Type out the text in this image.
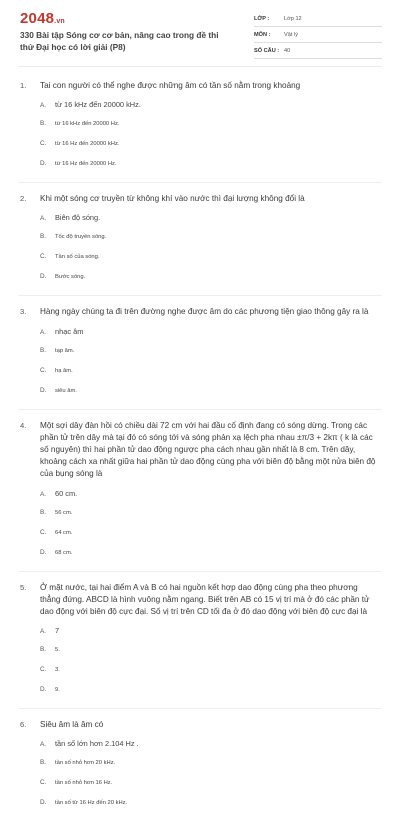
2048.vn
330 Bài tập Sóng cơ cơ bản, nâng cao trong đề thi thử Đại học có lời giải (P8)
LỚP :	Lớp 12
MÔN :	Vật lý
SỐ CÂU : 40
1.	Tai con người có thể nghe được những âm có tần số nằm trong khoảng
A.	từ 16 kHz đến 20000 kHz.
B.	từ 16 kHz đến 20000 Hz.
C.	từ 16 Hz đến 20000 kHz.
D.	từ 16 Hz đến 20000 Hz.
2.	Khi một sóng cơ truyền từ không khí vào nước thì đại lượng không đổi là
A.	Biên độ sóng.
B.	Tốc độ truyền sóng.
C.	Tần số của sóng.
D.	Bước sóng.
3.	Hàng ngày chúng ta đi trên đường nghe được âm do các phương tiện giao thông gây ra là
A.	nhạc âm
B.	tạp âm.
C.	hạ âm.
D.	siêu âm.
4.	Một sợi dây đàn hồi có chiều dài 72 cm với hai đầu cố định đang có sóng dừng. Trong các phần tử trên dây mà tại đó có sóng tới và sóng phản xạ lệch pha nhau ±π/3 + 2kπ ( k là các số nguyên) thì hai phần tử dao động ngược pha cách nhau gần nhất là 8 cm. Trên dây, khoảng cách xa nhất giữa hai phần tử dao động cùng pha với biên độ bằng một nửa biên độ của bụng sóng là
A.	60 cm.
B.	56 cm.
C.	64 cm.
D.	68 cm.
5.	Ở mặt nước, tại hai điểm A và B có hai nguồn kết hợp dao động cùng pha theo phương thẳng đứng. ABCD là hình vuông nằm ngang. Biết trên AB có 15 vị trí mà ở đó các phần tử dao động với biên độ cực đại. Số vị trí trên CD tối đa ở đó dao động với biên độ cực đại là
A.	7
B.	5.
C.	3.
D.	9.
6.	Siêu âm là âm có
A.	tần số lớn hơn 2.104 Hz .
B.	tần số nhỏ hơn 20 kHz.
C.	tần số nhỏ hơn 16 Hz.
D.	tần số từ 16 Hz đến 20 kHz.
